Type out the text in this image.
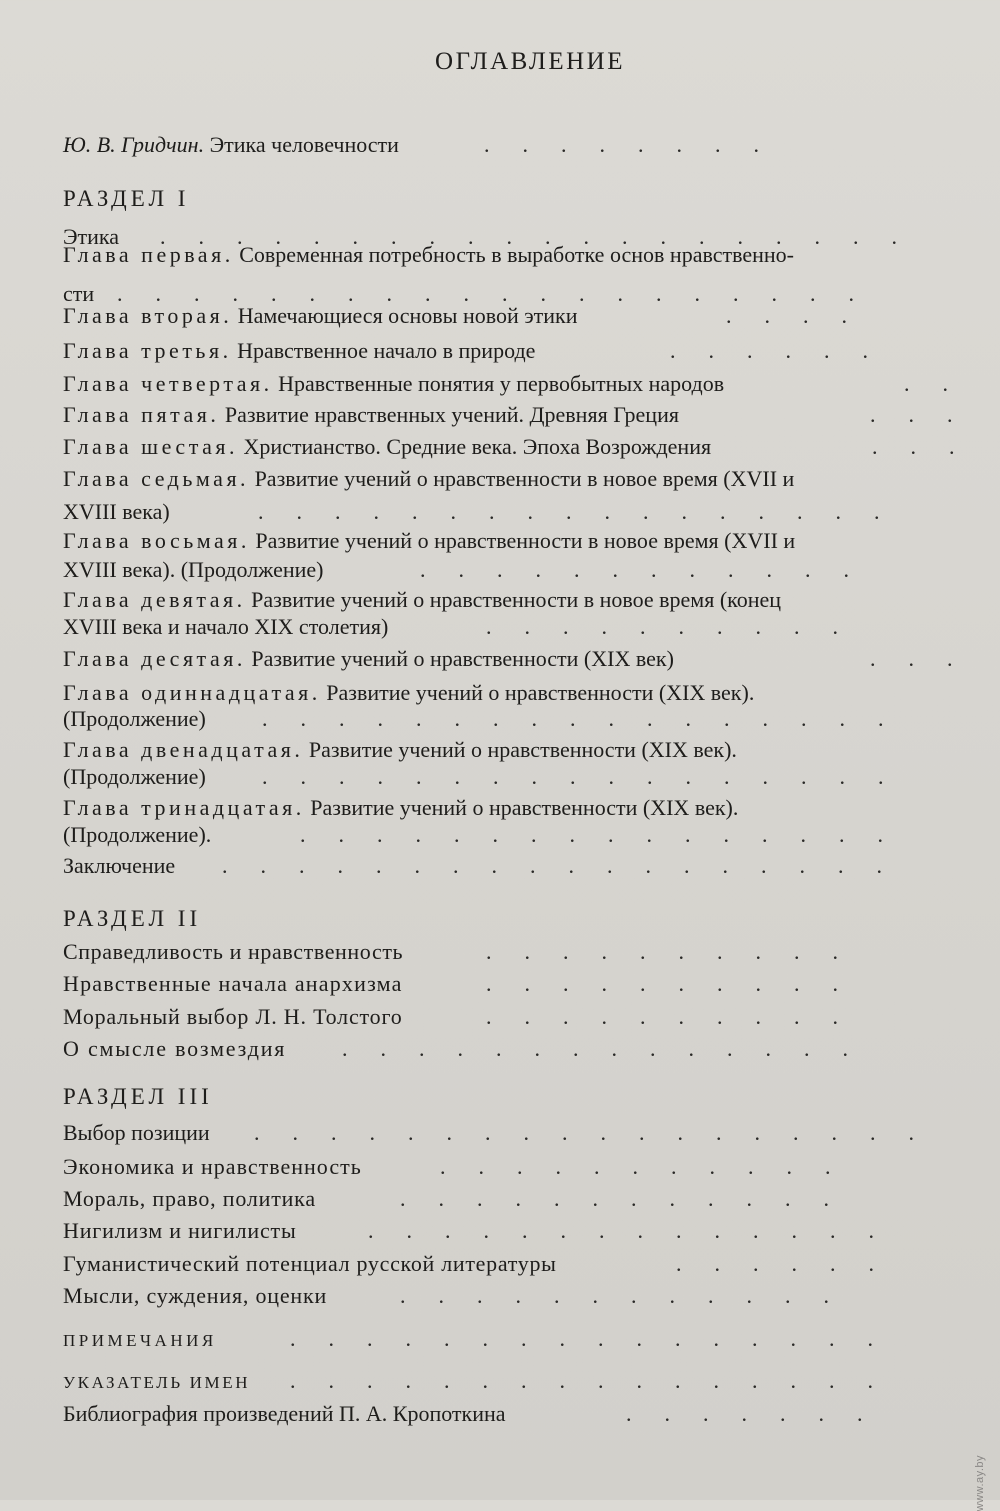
ОГЛАВЛЕНИЕ
Ю. В. Гридчин. Этика человечности	.      .      .      .      .      .      .      .
РАЗДЕЛ I
Этика .      .      .      .      .      .      .      .      .      .      .      .      .      .      .      .      .      .      .      .
Глава первая. Современная потребность в выработке основ нравственно-
сти .      .      .      .      .      .      .      .      .      .      .      .      .      .      .      .      .      .      .      .
Глава вторая. Намечающиеся основы новой этики	.      .      .      .
Глава третья. Нравственное начало в природе	.      .      .      .      .      .
Глава четвертая. Нравственные понятия у первобытных народов	.      .
Глава пятая. Развитие нравственных учений. Древняя Греция	.      .      .
Глава шестая. Христианство. Средние века. Эпоха Возрождения	.      .      .
Глава седьмая. Развитие учений о нравственности в новое время (XVII и
XVIII века)	.      .      .      .      .      .      .      .      .      .      .      .      .      .      .      .      .
Глава восьмая. Развитие учений о нравственности в новое время (XVII и
XVIII века). (Продолжение)	.      .      .      .      .      .      .      .      .      .      .      .
Глава девятая. Развитие учений о нравственности в новое время (конец
XVIII века и начало XIX столетия)	.      .      .      .      .      .      .      .      .      .
Глава десятая. Развитие учений о нравственности (XIX век)	.      .      .
Глава одиннадцатая. Развитие учений о нравственности (XIX век).
(Продолжение)	.      .      .      .      .      .      .      .      .      .      .      .      .      .      .      .      .
Глава двенадцатая. Развитие учений о нравственности (XIX век).
(Продолжение)	.      .      .      .      .      .      .      .      .      .      .      .      .      .      .      .      .
Глава тринадцатая. Развитие учений о нравственности (XIX век).
(Продолжение).	.      .      .      .      .      .      .      .      .      .      .      .      .      .      .      .
Заключение .      .      .      .      .      .      .      .      .      .      .      .      .      .      .      .      .      .
РАЗДЕЛ II
Справедливость и нравственность	.      .      .      .      .      .      .      .      .      .
Нравственные начала анархизма	.      .      .      .      .      .      .      .      .      .
Моральный выбор Л. Н. Толстого	.      .      .      .      .      .      .      .      .      .
О смысле возмездия	.      .      .      .      .      .      .      .      .      .      .      .      .      .
РАЗДЕЛ III
Выбор позиции .      .      .      .      .      .      .      .      .      .      .      .      .      .      .      .      .      .
Экономика и нравственность	.      .      .      .      .      .      .      .      .      .      .
Мораль, право, политика	.      .      .      .      .      .      .      .      .      .      .      .
Нигилизм и нигилисты	.      .      .      .      .      .      .      .      .      .      .      .      .      .
Гуманистический потенциал русской литературы	.      .      .      .      .      .
Мысли, суждения, оценки	.      .      .      .      .      .      .      .      .      .      .      .
ПРИМЕЧАНИЯ	.      .      .      .      .      .      .      .      .      .      .      .      .      .      .      .
УКАЗАТЕЛЬ ИМЕН .      .      .      .      .      .      .      .      .      .      .      .      .      .      .      .
Библиография произведений П. А. Кропоткина	.      .      .      .      .      .      .
www.ay.by
